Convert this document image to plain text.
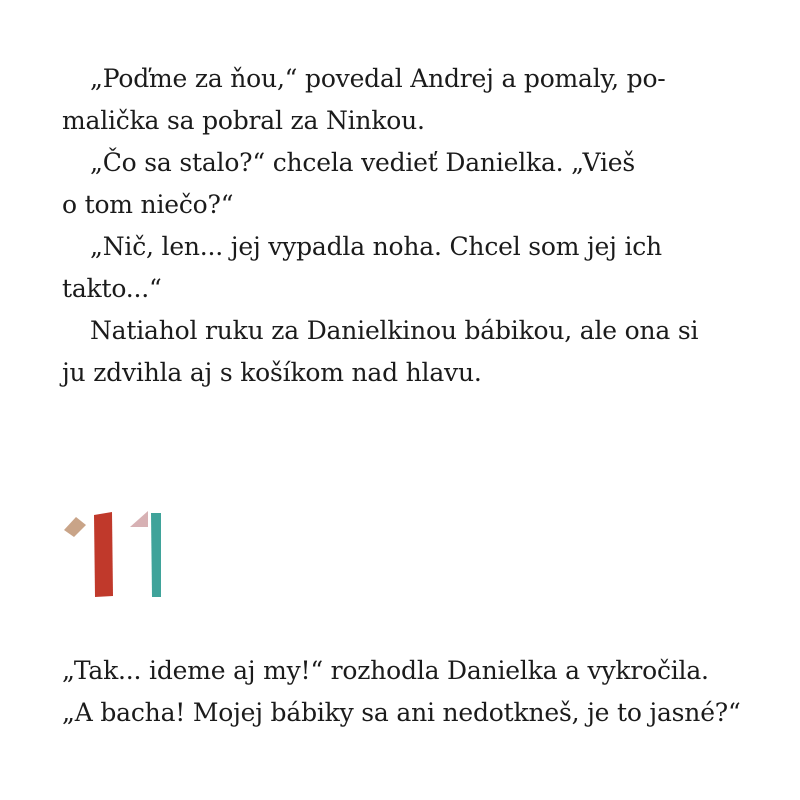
„Poďme za ňou,“ povedal Andrej a pomaly, po-

malička sa pobral za Ninkou.

„Čo sa stalo?“ chcela vedieť Danielka. „Vieš

o tom niečo?“

„Nič, len... jej vypadla noha. Chcel som jej ich

takto...“

Natiahol ruku za Danielkinou bábikou, ale ona si

ju zdvihla aj s košíkom nad hlavu.

„Tak... ideme aj my!“ rozhodla Danielka a vykročila.

„A bacha! Mojej bábiky sa ani nedotkneš, je to jasné?“
